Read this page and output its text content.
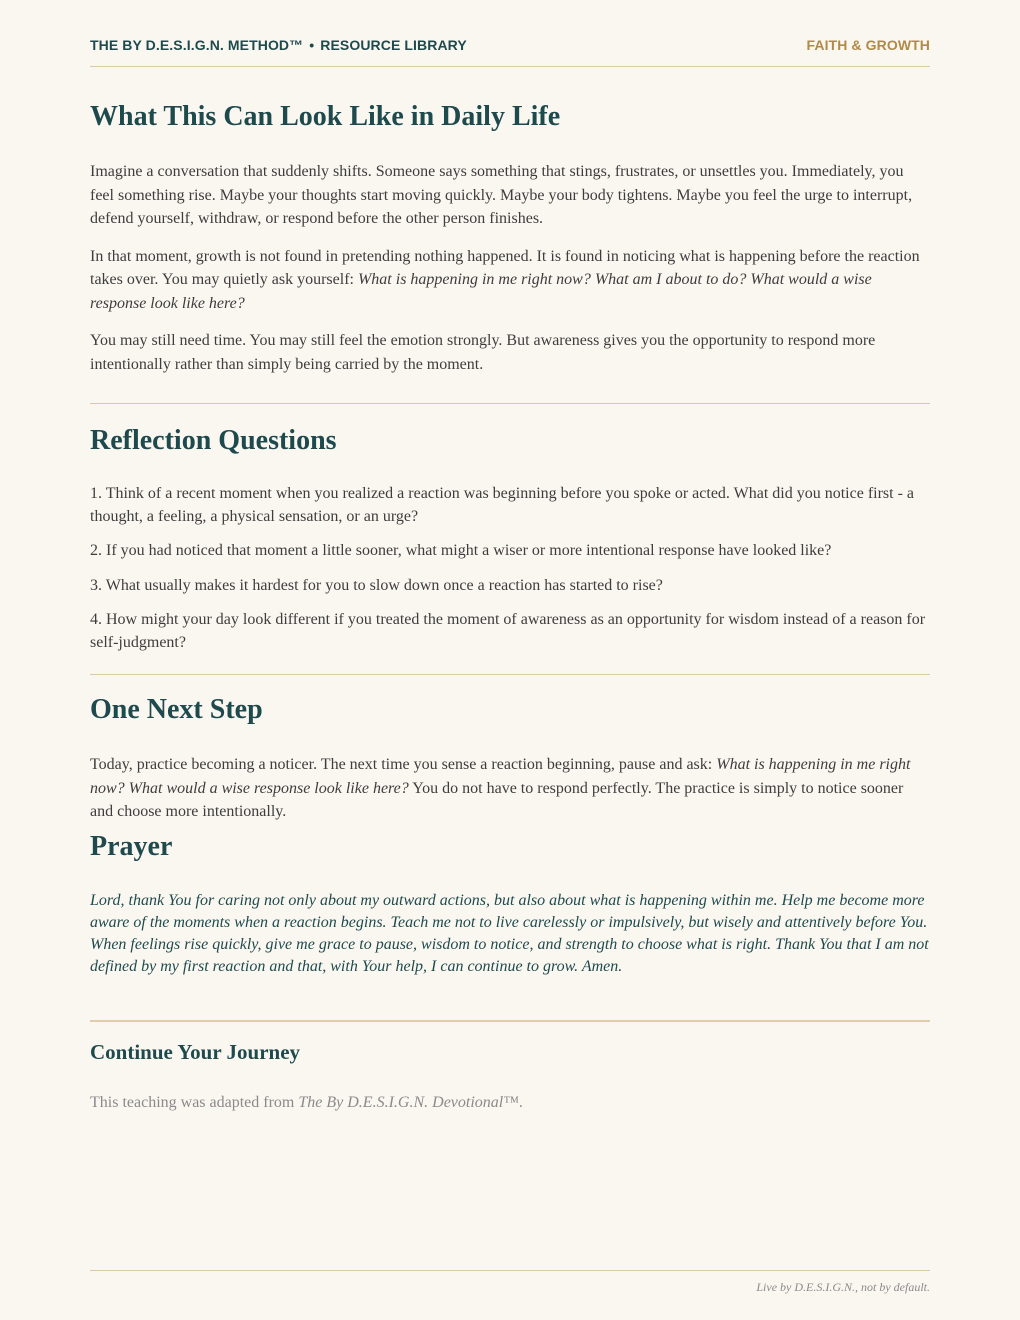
THE BY D.E.S.I.G.N. METHOD™ • RESOURCE LIBRARY	FAITH & GROWTH
What This Can Look Like in Daily Life

Imagine a conversation that suddenly shifts. Someone says something that stings, frustrates, or unsettles you. Immediately, you feel something rise. Maybe your thoughts start moving quickly. Maybe your body tightens. Maybe you feel the urge to interrupt, defend yourself, withdraw, or respond before the other person finishes.

In that moment, growth is not found in pretending nothing happened. It is found in noticing what is happening before the reaction takes over. You may quietly ask yourself: What is happening in me right now? What am I about to do? What would a wise response look like here?

You may still need time. You may still feel the emotion strongly. But awareness gives you the opportunity to respond more intentionally rather than simply being carried by the moment.

Reflection Questions

1. Think of a recent moment when you realized a reaction was beginning before you spoke or acted. What did you notice first - a thought, a feeling, a physical sensation, or an urge?

2. If you had noticed that moment a little sooner, what might a wiser or more intentional response have looked like?

3. What usually makes it hardest for you to slow down once a reaction has started to rise?

4. How might your day look different if you treated the moment of awareness as an opportunity for wisdom instead of a reason for self-judgment?

One Next Step

Today, practice becoming a noticer. The next time you sense a reaction beginning, pause and ask: What is happening in me right now? What would a wise response look like here? You do not have to respond perfectly. The practice is simply to notice sooner and choose more intentionally.

Prayer

Lord, thank You for caring not only about my outward actions, but also about what is happening within me. Help me become more aware of the moments when a reaction begins. Teach me not to live carelessly or impulsively, but wisely and attentively before You. When feelings rise quickly, give me grace to pause, wisdom to notice, and strength to choose what is right. Thank You that I am not defined by my first reaction and that, with Your help, I can continue to grow. Amen.

Continue Your Journey

This teaching was adapted from The By D.E.S.I.G.N. Devotional™.

Live by D.E.S.I.G.N., not by default.
